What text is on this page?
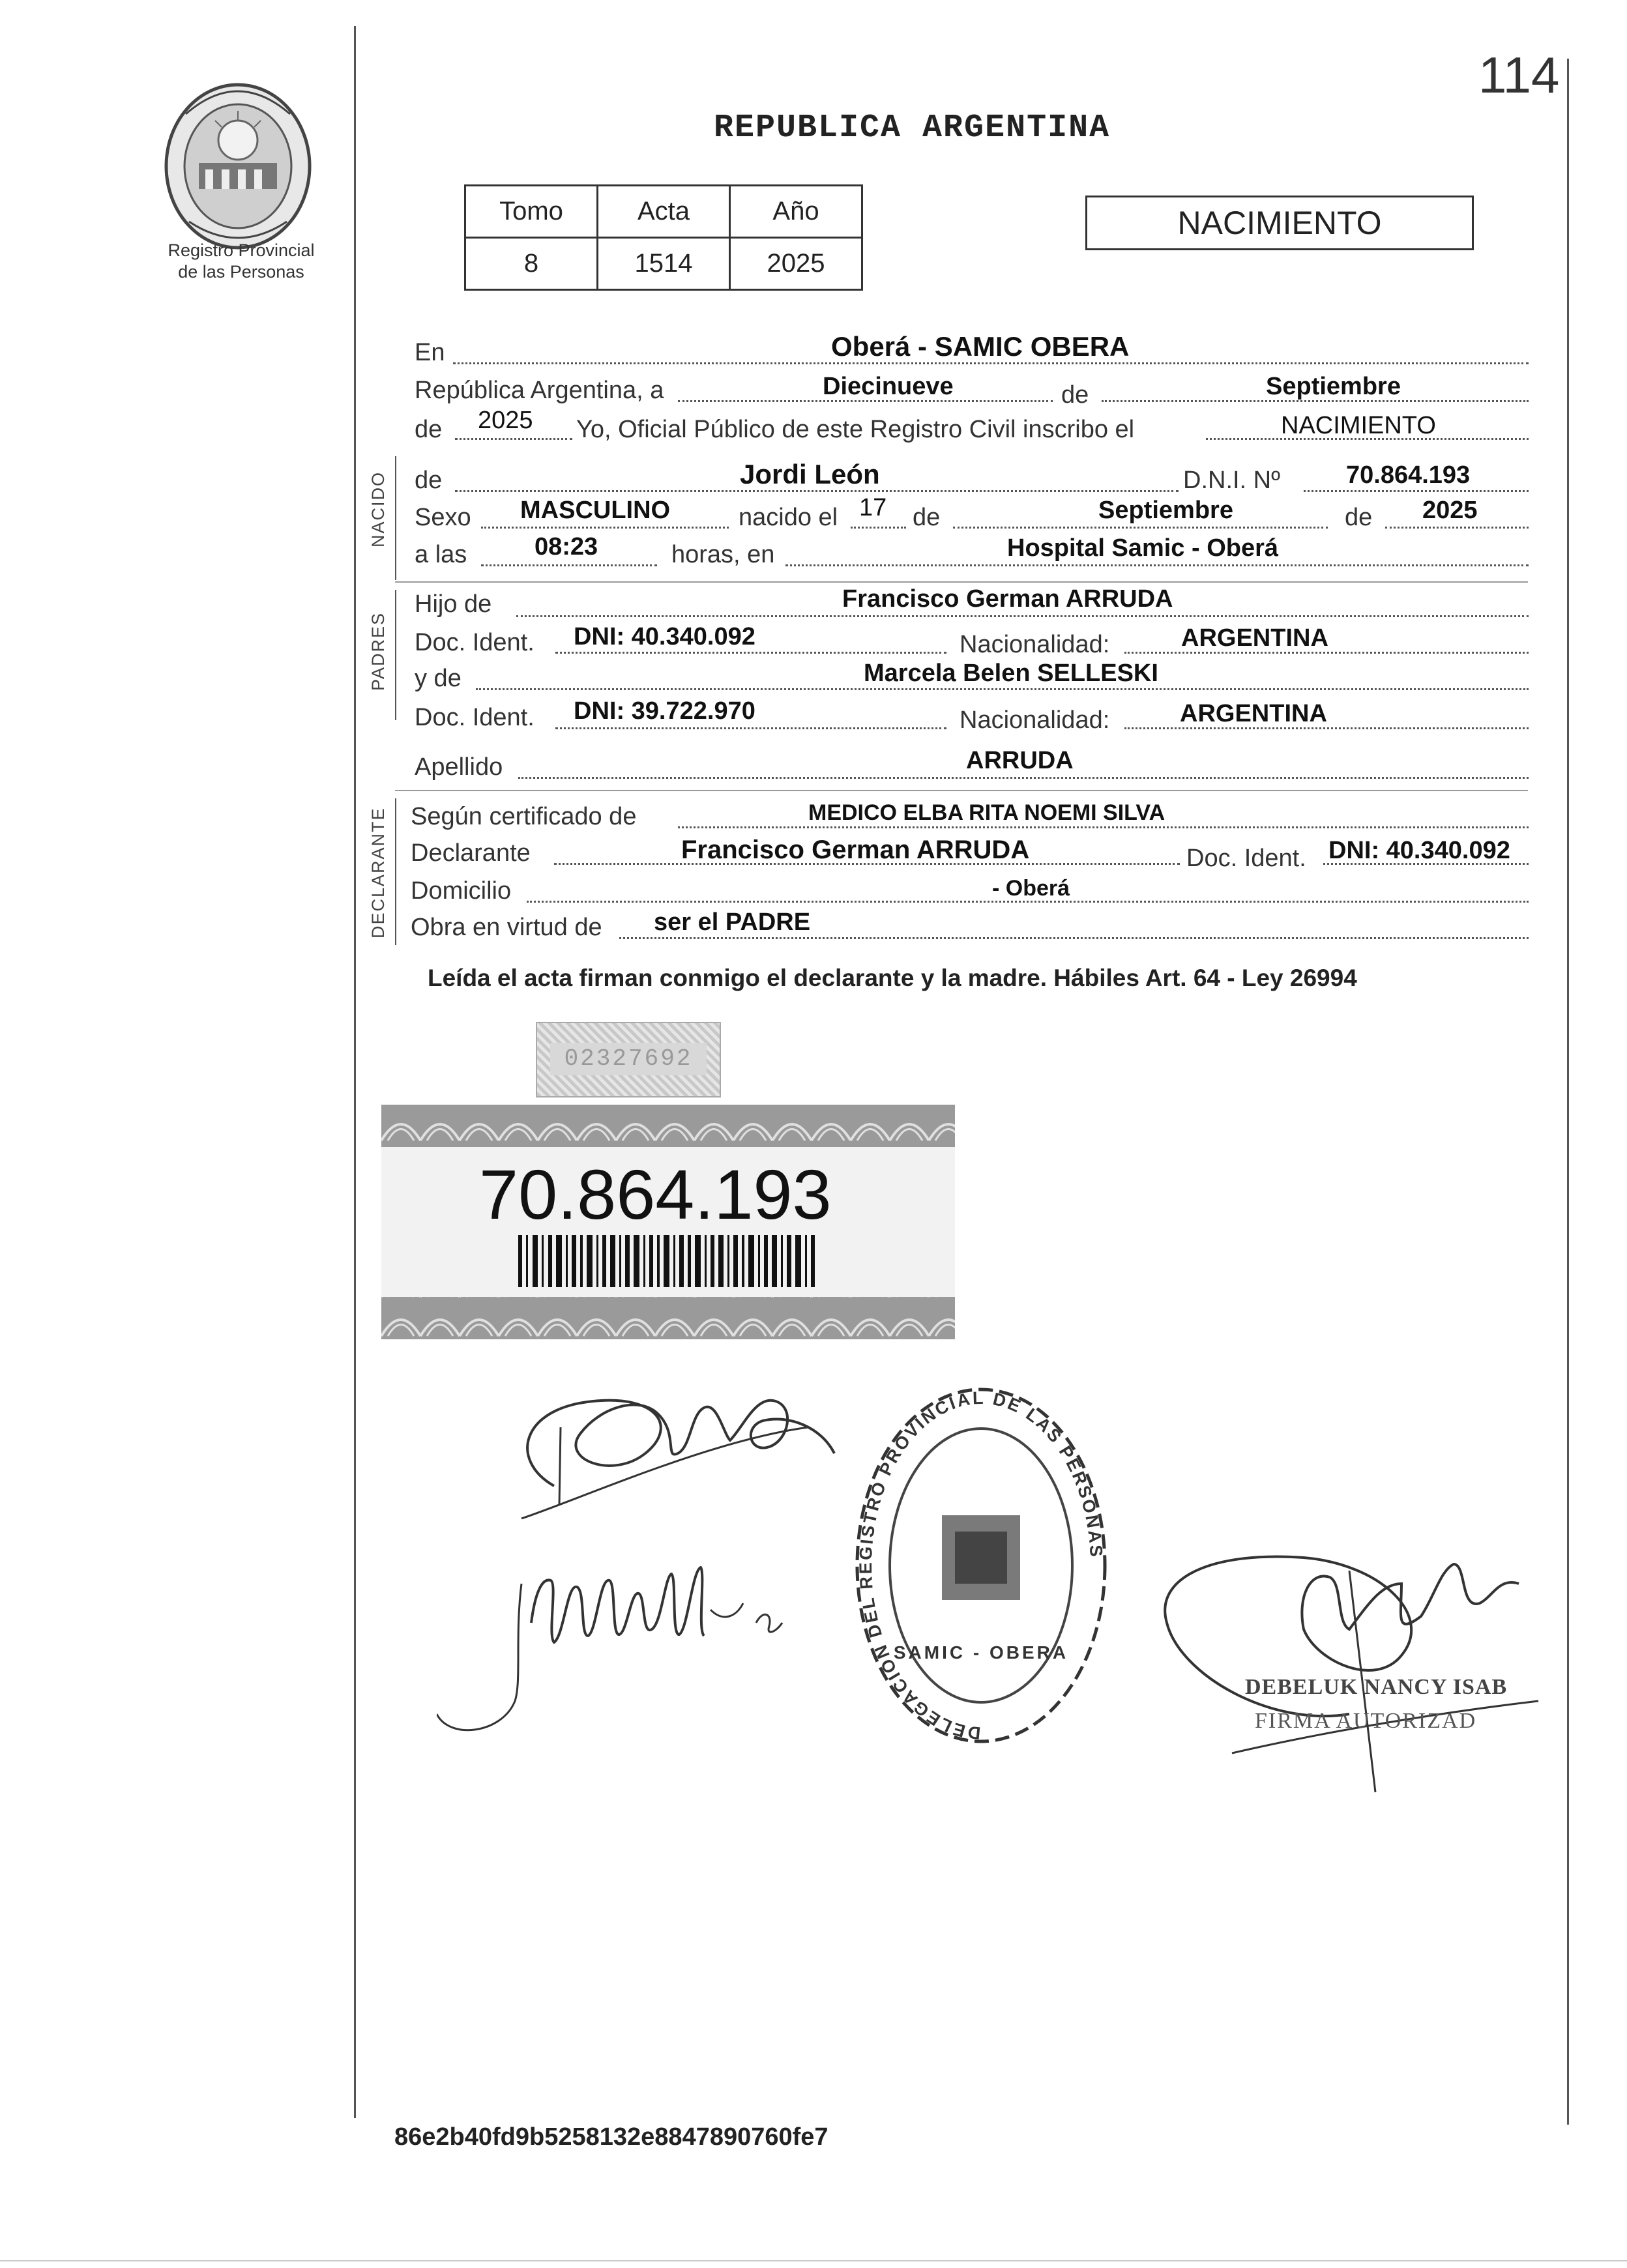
114
REPUBLICA ARGENTINA
Registro Provincial
de las Personas
Tomo	Acta	Año
8	1514	2025
NACIMIENTO
En	Oberá - SAMIC OBERA
República Argentina, a	Diecinueve	de	Septiembre
de 2025 Yo, Oficial Público de este Registro Civil inscribo el	NACIMIENTO
NACIDO de	Jordi León	D.N.I. Nº	70.864.193
Sexo MASCULINO	nacido el 17 de	Septiembre	de 2025
a las	08:23	horas, en	Hospital Samic - Oberá
PADRES
Hijo de	Francisco German ARRUDA
Doc. Ident. DNI: 40.340.092	Nacionalidad:	ARGENTINA
y de	Marcela Belen SELLESKI
Doc. Ident. DNI: 39.722.970	Nacionalidad:	ARGENTINA
Apellido	ARRUDA
DECLARANTE Según certificado de	MEDICO ELBA RITA NOEMI SILVA
Declarante	Francisco German ARRUDA	Doc. Ident. DNI: 40.340.092
Domicilio	- Oberá
Obra en virtud de ser el PADRE
Leída el acta firman conmigo el declarante y la madre. Hábiles Art. 64 - Ley 26994
02327692
70.864.193
DELEGACIÓN DEL REGISTRO PROVINCIAL DE LAS PERSONAS
SAMIC - OBERA
DEBELUK NANCY ISAB
FIRMA AUTORIZAD
86e2b40fd9b5258132e8847890760fe7
